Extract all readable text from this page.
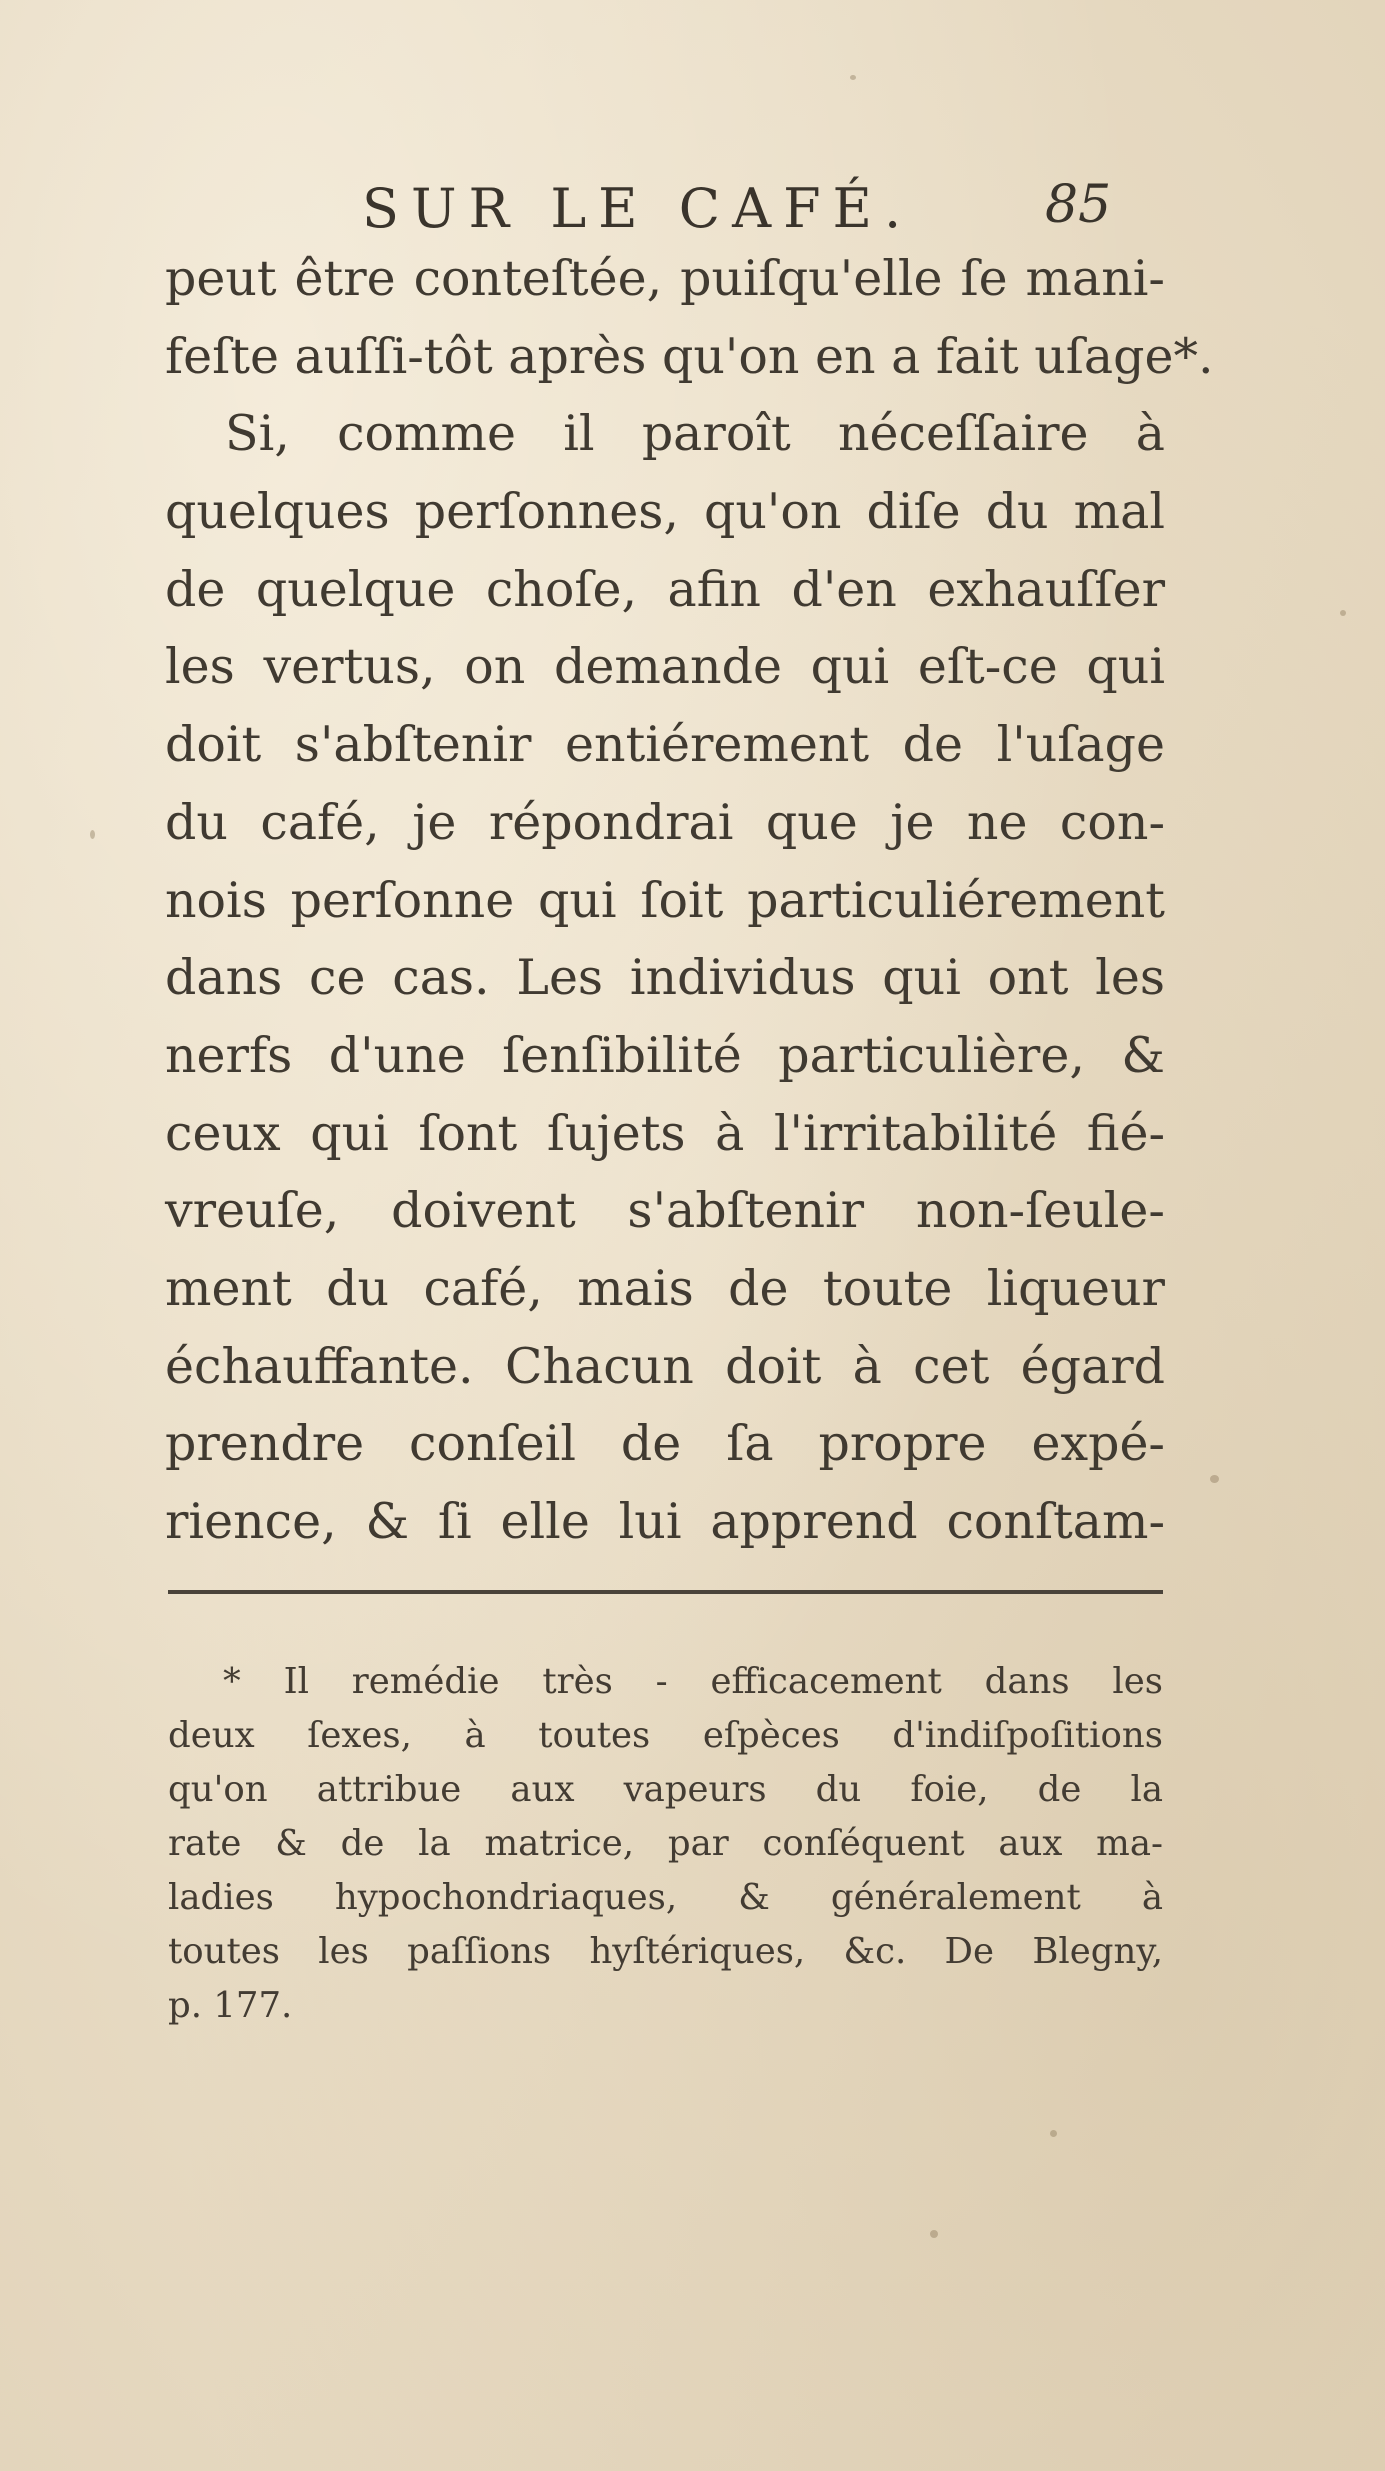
SUR LE CAFÉ.	85
peut être conteſtée, puiſqu'elle ſe mani-
feſte auſſi-tôt après qu'on en a fait uſage*.
Si, comme il paroît néceſſaire à
quelques perſonnes, qu'on diſe du mal
de quelque choſe, afin d'en exhauſſer
les vertus, on demande qui eſt-ce qui
doit s'abſtenir entiérement de l'uſage
du café, je répondrai que je ne con-
nois perſonne qui ſoit particuliérement
dans ce cas. Les individus qui ont les
nerfs d'une ſenſibilité particulière, &
ceux qui ſont ſujets à l'irritabilité fié-
vreuſe, doivent s'abſtenir non-ſeule-
ment du café, mais de toute liqueur
échauffante. Chacun doit à cet égard
prendre conſeil de ſa propre expé-
rience, & ſi elle lui apprend conſtam-
* Il remédie très - efficacement dans les
deux ſexes, à toutes eſpèces d'indiſpoſitions
qu'on attribue aux vapeurs du foie, de la
rate & de la matrice, par conſéquent aux ma-
ladies hypochondriaques, & généralement à
toutes les paſſions hyſtériques, &c. De Blegny,
p. 177.
